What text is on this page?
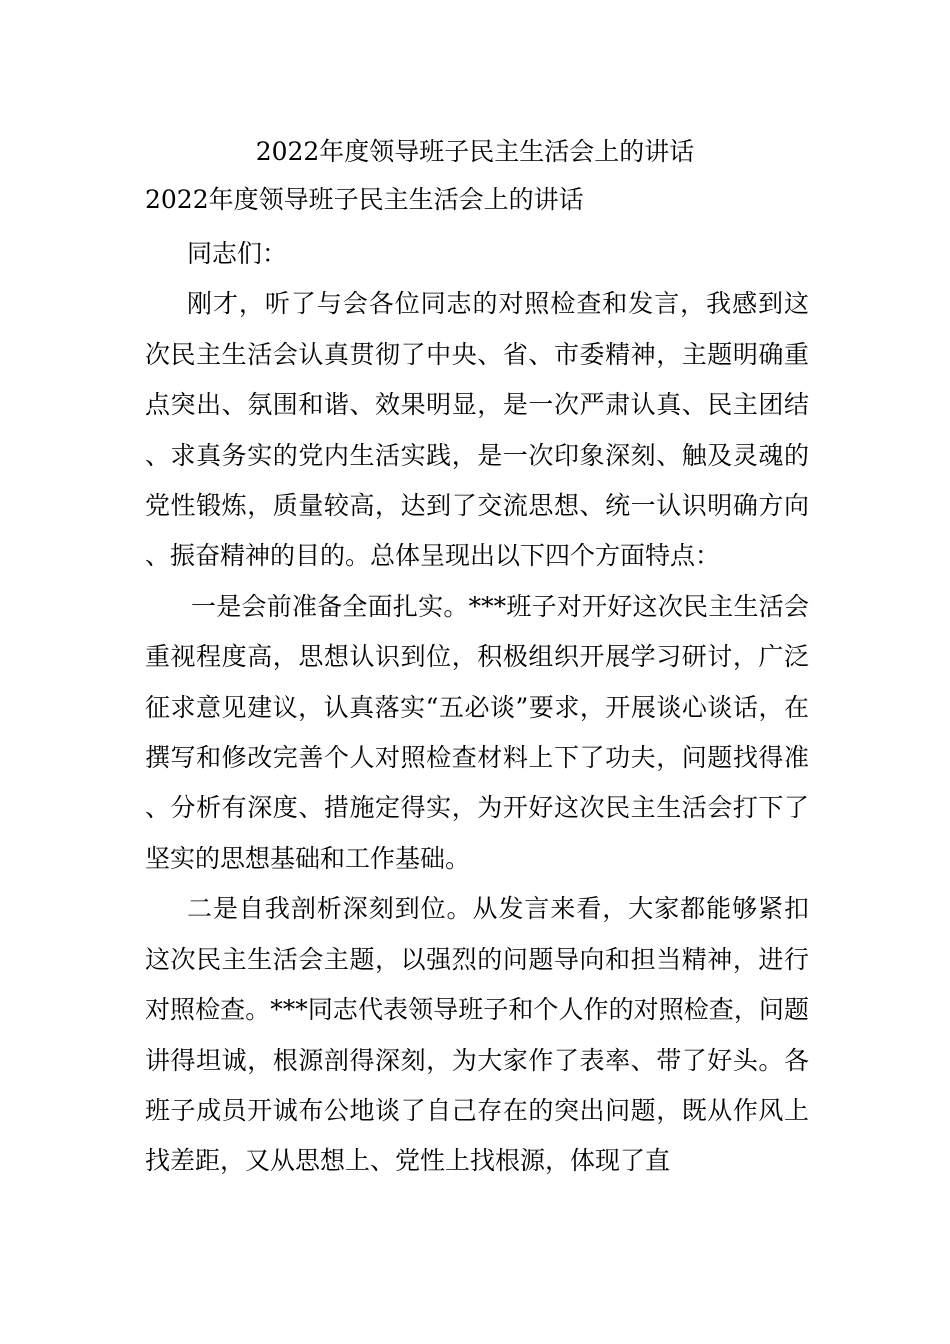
2022年度领导班子民主生活会上的讲话
2022年度领导班子民主生活会上的讲话

同志们：

刚才，听了与会各位同志的对照检查和发言，我感到这次民主生活会认真贯彻了中央、省、市委精神，主题明确重点突出、氛围和谐、效果明显，是一次严肃认真、民主团结、求真务实的党内生活实践，是一次印象深刻、触及灵魂的党性锻炼，质量较高，达到了交流思想、统一认识明确方向、振奋精神的目的。总体呈现出以下四个方面特点：

一是会前准备全面扎实。***班子对开好这次民主生活会重视程度高，思想认识到位，积极组织开展学习研讨，广泛征求意见建议，认真落实“五必谈”要求，开展谈心谈话，在撰写和修改完善个人对照检查材料上下了功夫，问题找得准、分析有深度、措施定得实，为开好这次民主生活会打下了坚实的思想基础和工作基础。

二是自我剖析深刻到位。从发言来看，大家都能够紧扣这次民主生活会主题，以强烈的问题导向和担当精神，进行对照检查。***同志代表领导班子和个人作的对照检查，问题讲得坦诚，根源剖得深刻，为大家作了表率、带了好头。各班子成员开诚布公地谈了自己存在的突出问题，既从作风上找差距，又从思想上、党性上找根源，体现了直
